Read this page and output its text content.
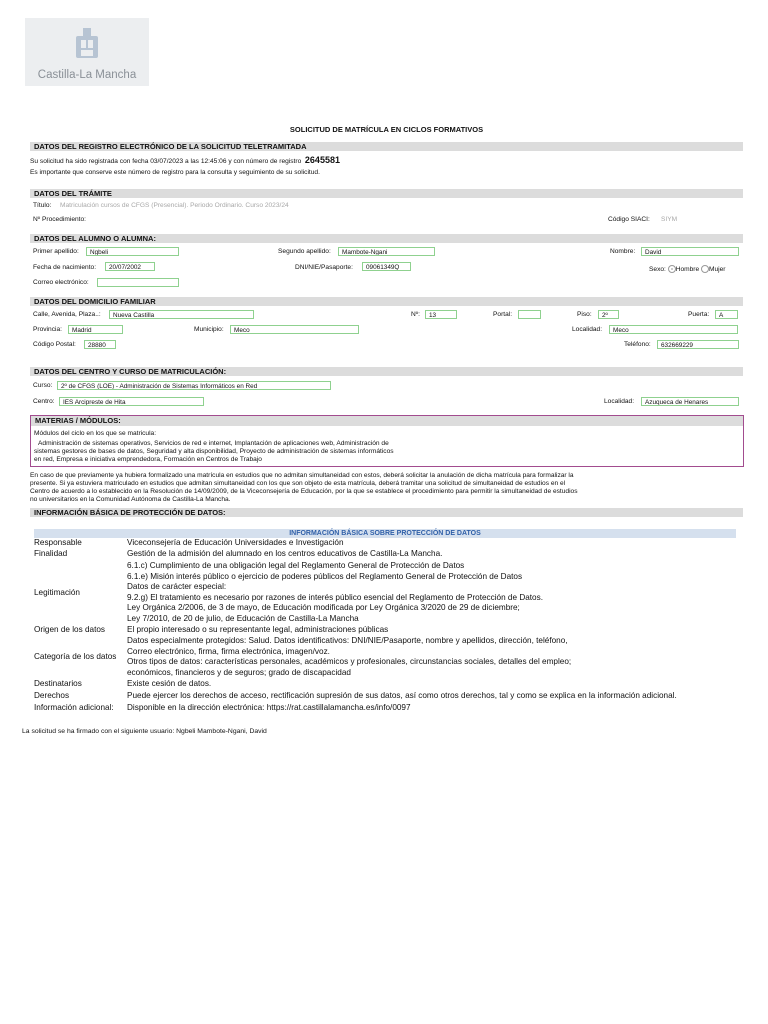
Castilla-La Mancha
SOLICITUD DE MATRÍCULA EN CICLOS FORMATIVOS
DATOS DEL REGISTRO ELECTRÓNICO DE LA SOLICITUD TELETRAMITADA
Su solicitud ha sido registrada con fecha 03/07/2023 a las 12:45:06 y con número de registro 2645581
Es importante que conserve este número de registro para la consulta y seguimiento de su solicitud.
DATOS DEL TRÁMITE
Título: Matriculación cursos de CFGS (Presencial). Periodo Ordinario. Curso 2023/24
Nº Procedimiento:	Código SIACI: SIYM
DATOS DEL ALUMNO O ALUMNA:
Primer apellido:	Ngbeli	Segundo apellido:	Mambote-Ngani	Nombre:	David
Fecha de nacimiento:	20/07/2002	DNI/NIE/Pasaporte:	09061349Q	Sexo: Hombre Mujer
Correo electrónico:
DATOS DEL DOMICILIO FAMILIAR
Calle, Avenida, Plaza..:	Nueva Castilla	Nº:	13	Portal:	Piso:	2º	Puerta:	A
Provincia:	Madrid	Municipio:	Meco	Localidad:	Meco
Código Postal:	28880	Teléfono:	632669229
DATOS DEL CENTRO Y CURSO DE MATRICULACIÓN:
Curso:	2º de CFGS (LOE) - Administración de Sistemas Informáticos en Red
Centro:	IES Arcipreste de Hita	Localidad:	Azuqueca de Henares
MATERIAS / MÓDULOS:
Módulos del ciclo en los que se matricula:
Administración de sistemas operativos, Servicios de red e internet, Implantación de aplicaciones web, Administración de
sistemas gestores de bases de datos, Seguridad y alta disponibilidad, Proyecto de administración de sistemas informáticos
en red, Empresa e iniciativa emprendedora, Formación en Centros de Trabajo
En caso de que previamente ya hubiera formalizado una matrícula en estudios que no admitan simultaneidad con estos, deberá solicitar la anulación de dicha matrícula para formalizar la
presente. Si ya estuviera matriculado en estudios que admitan simultaneidad con los que son objeto de esta matrícula, deberá tramitar una solicitud de simultaneidad de estudios en el
Centro de acuerdo a lo establecido en la Resolución de 14/09/2009, de la Viceconsejería de Educación, por la que se establece el procedimiento para permitir la simultaneidad de estudios
no universitarios en la Comunidad Autónoma de Castilla-La Mancha.
INFORMACIÓN BÁSICA DE PROTECCIÓN DE DATOS:
INFORMACIÓN BÁSICA SOBRE PROTECCIÓN DE DATOS
Responsable	Viceconsejería de Educación Universidades e Investigación
Finalidad	Gestión de la admisión del alumnado en los centros educativos de Castilla-La Mancha.
Legitimación
6.1.c) Cumplimiento de una obligación legal del Reglamento General de Protección de Datos
6.1.e) Misión interés público o ejercicio de poderes públicos del Reglamento General de Protección de Datos
Datos de carácter especial:
9.2.g) El tratamiento es necesario por razones de interés público esencial del Reglamento de Protección de Datos.
Ley Orgánica 2/2006, de 3 de mayo, de Educación modificada por Ley Orgánica 3/2020 de 29 de diciembre;
Ley 7/2010, de 20 de julio, de Educación de Castilla-La Mancha
Origen de los datos	El propio interesado o su representante legal, administraciones públicas
Categoría de los datos
Datos especialmente protegidos: Salud. Datos identificativos: DNI/NIE/Pasaporte, nombre y apellidos, dirección, teléfono,
Correo electrónico, firma, firma electrónica, imagen/voz.
Otros tipos de datos: características personales, académicos y profesionales, circunstancias sociales, detalles del empleo;
económicos, financieros y de seguros; grado de discapacidad
Destinatarios	Existe cesión de datos.
Derechos	Puede ejercer los derechos de acceso, rectificación supresión de sus datos, así como otros derechos, tal y como se explica en la información adicional.
Información adicional: Disponible en la dirección electrónica: https://rat.castillalamancha.es/info/0097
La solicitud se ha firmado con el siguiente usuario: Ngbeli Mambote-Ngani, David
